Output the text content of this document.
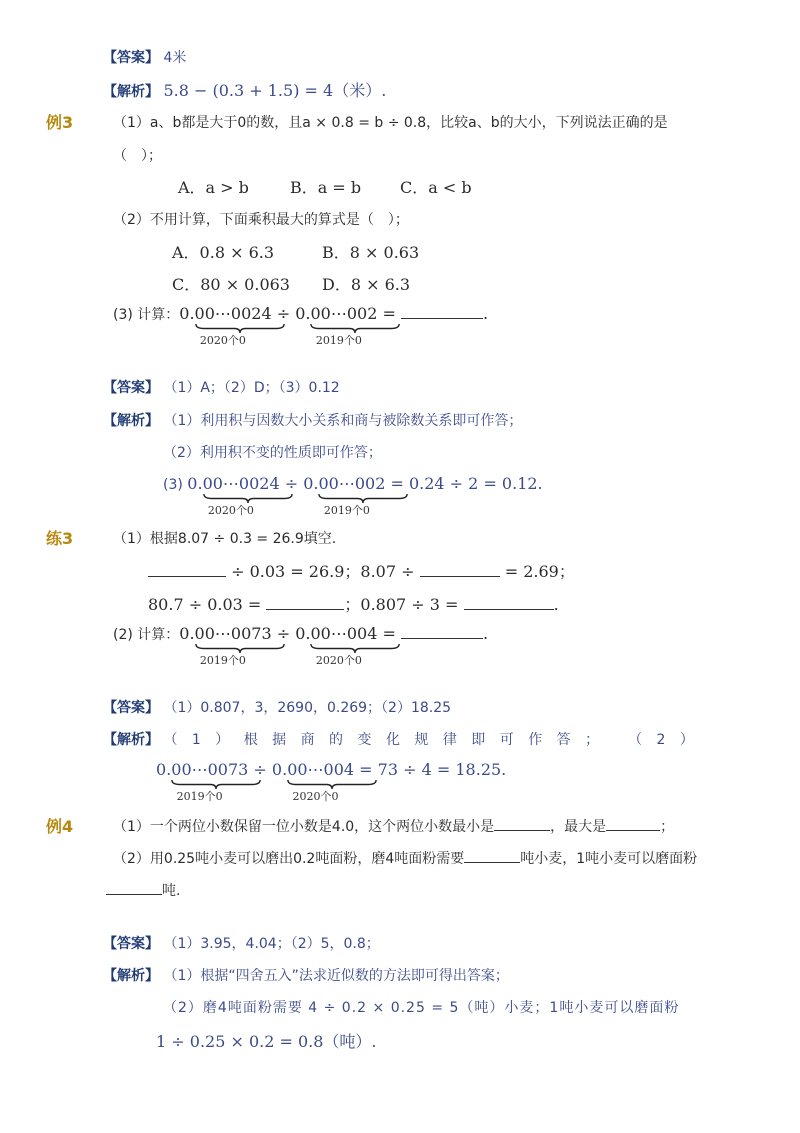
【答案】 4米
【解析】 5.8 − (0.3 + 1.5) = 4（米）.
例3	（1）a、b都是大于0的数，且a × 0.8 = b ÷ 0.8，比较a、b的大小，下列说法正确的是
（　）；
A．a > b	B．a = b C．a < b
（2）不用计算，下面乘积最大的算式是（　）；
A．0.8 × 6.3	B．8 × 0.63
C．80 × 0.063 D．8 × 6.3
(3) 计算：0.00⋯00
2020个0
24 ÷ 0.00⋯00
2019个0
2 =	.
【答案】 （1）A；（2）D；（3）0.12
【解析】 （1）利用积与因数大小关系和商与被除数关系即可作答；
（2）利用积不变的性质即可作答；
(3) 0.00⋯00
2020个0
24 ÷ 0.00⋯00
2019个0
2 = 0.24 ÷ 2 = 0.12.
练3	（1）根据8.07 ÷ 0.3 = 26.9填空.
÷ 0.03 = 26.9；8.07 ÷	= 2.69；
80.7 ÷ 0.03 =	；0.807 ÷ 3 =	.
(2) 计算：0.00⋯00
2019个0
73 ÷ 0.00⋯00
2020个0
4 =	.
【答案】 （1）0.807，3，2690，0.269；（2）18.25
【解析】 （ 1 ） 根 据 商 的 变 化 规 律 即 可 作 答 ；　　（ 2 ）
0.00⋯00
2019个0
73 ÷ 0.00⋯00
2020个0
4 = 73 ÷ 4 = 18.25.
例4	（1）一个两位小数保留一位小数是4.0，这个两位小数最小是	，最大是	；
（2）用0.25吨小麦可以磨出0.2吨面粉，磨4吨面粉需要	吨小麦，1吨小麦可以磨面粉
吨.
【答案】 （1）3.95，4.04；（2）5，0.8；
【解析】 （1）根据“四舍五入”法求近似数的方法即可得出答案；
（2）磨4吨面粉需要 4 ÷ 0.2 × 0.25 = 5（吨）小麦；1吨小麦可以磨面粉
1 ÷ 0.25 × 0.2 = 0.8（吨）.
